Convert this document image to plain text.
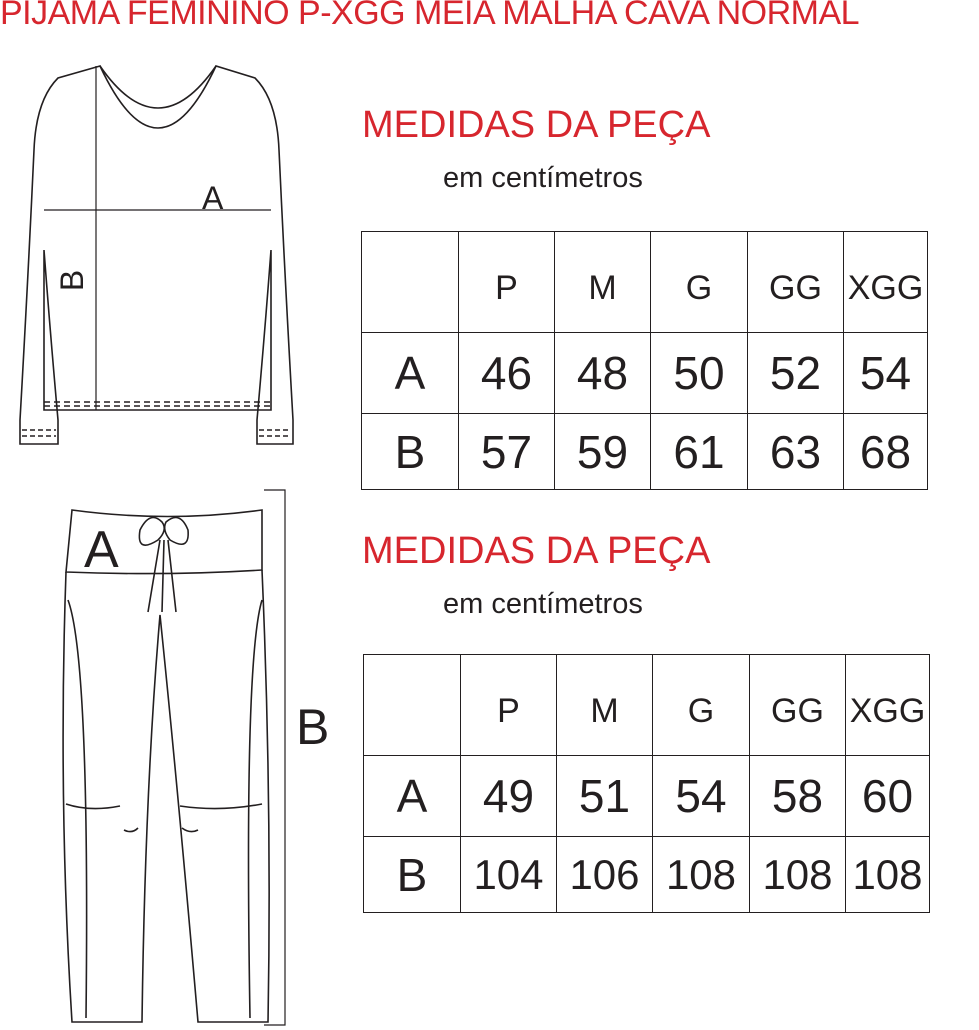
PIJAMA FEMININO P-XGG MEIA MALHA CAVA NORMAL
A
B
A
B
MEDIDAS DA PEÇA
em centímetros
	P	M	G	GG	XGG
A	46	48	50	52	54
B	57	59	61	63	68
MEDIDAS DA PEÇA
em centímetros
	P	M	G	GG	XGG
A	49	51	54	58	60
B	104	106	108	108	108
